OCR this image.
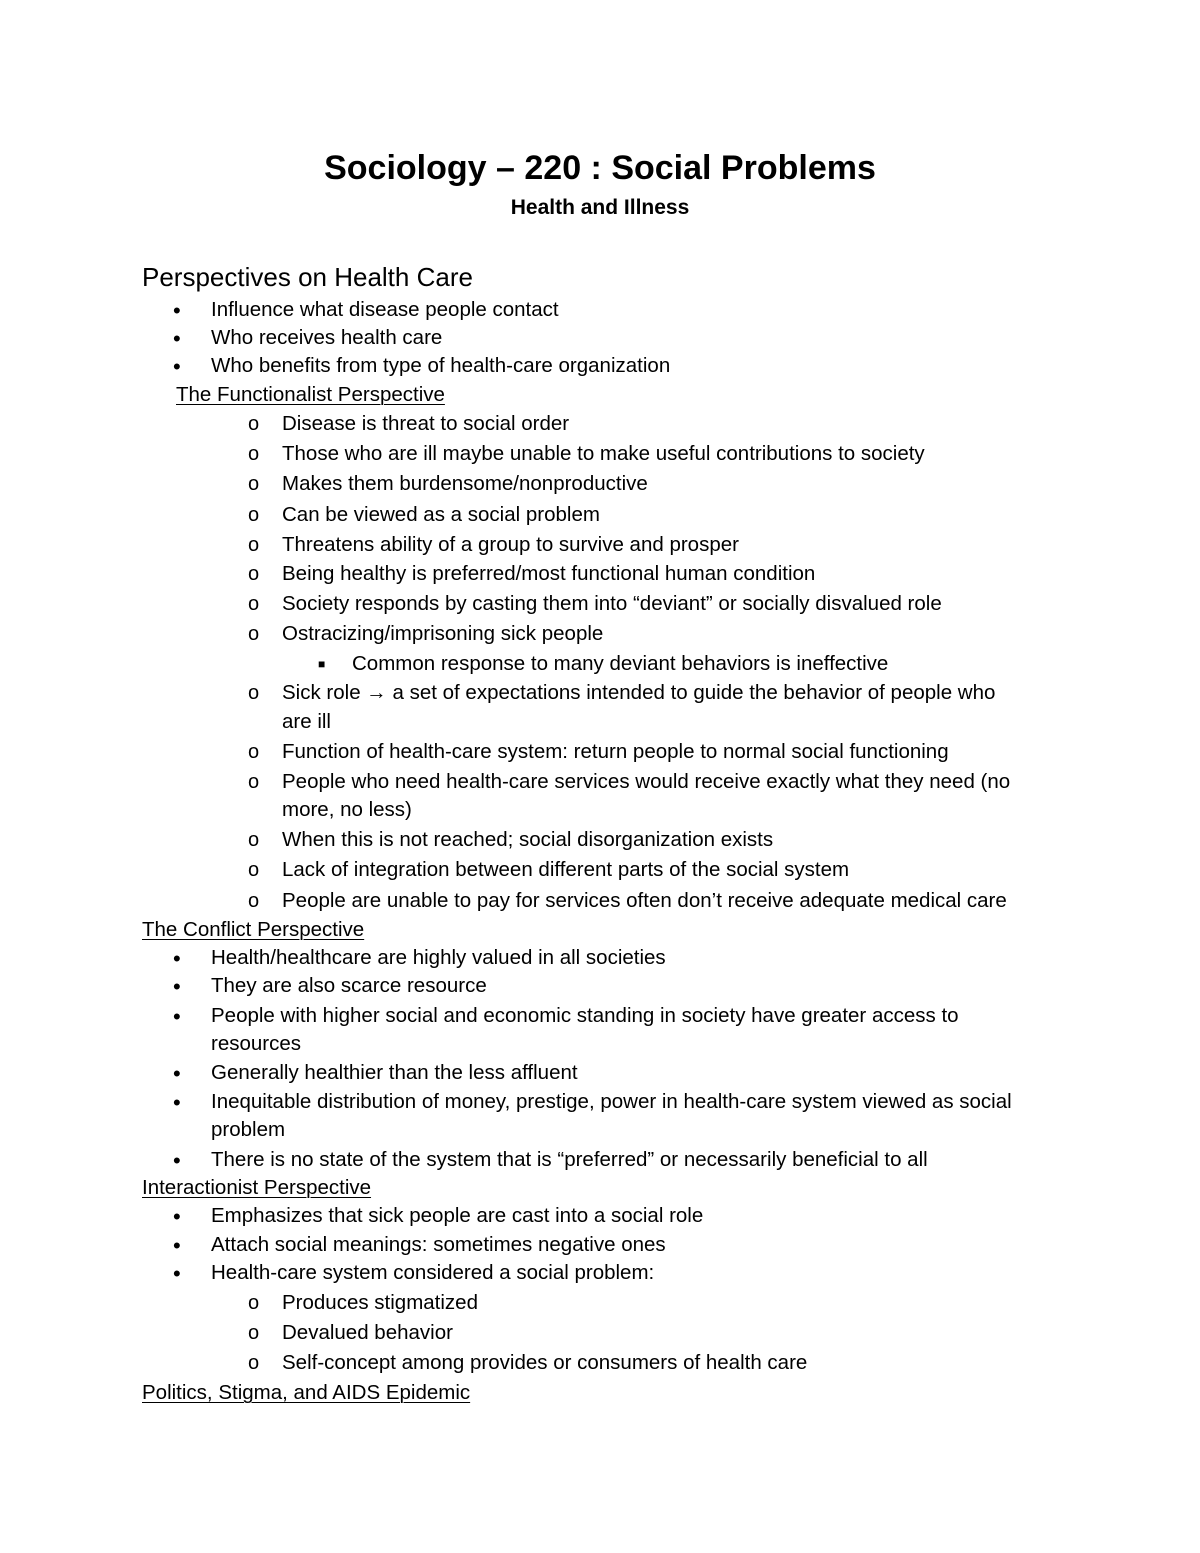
Sociology – 220 : Social Problems
Health and Illness
Perspectives on Health Care
• Influence what disease people contact
• Who receives health care
• Who benefits from type of health-care organization
The Functionalist Perspective
o Disease is threat to social order
o Those who are ill maybe unable to make useful contributions to society
o Makes them burdensome/nonproductive
o Can be viewed as a social problem
o Threatens ability of a group to survive and prosper
o Being healthy is preferred/most functional human condition
o Society responds by casting them into “deviant” or socially disvalued role
o Ostracizing/imprisoning sick people
■ Common response to many deviant behaviors is ineffective
o Sick role → a set of expectations intended to guide the behavior of people who
are ill
o Function of health-care system: return people to normal social functioning
o People who need health-care services would receive exactly what they need (no
more, no less)
o When this is not reached; social disorganization exists
o Lack of integration between different parts of the social system
o People are unable to pay for services often don’t receive adequate medical care
The Conflict Perspective
• Health/healthcare are highly valued in all societies
• They are also scarce resource
• People with higher social and economic standing in society have greater access to
resources
• Generally healthier than the less affluent
• Inequitable distribution of money, prestige, power in health-care system viewed as social
problem
• There is no state of the system that is “preferred” or necessarily beneficial to all
Interactionist Perspective
• Emphasizes that sick people are cast into a social role
• Attach social meanings: sometimes negative ones
• Health-care system considered a social problem:
o Produces stigmatized
o Devalued behavior
o Self-concept among provides or consumers of health care
Politics, Stigma, and AIDS Epidemic
